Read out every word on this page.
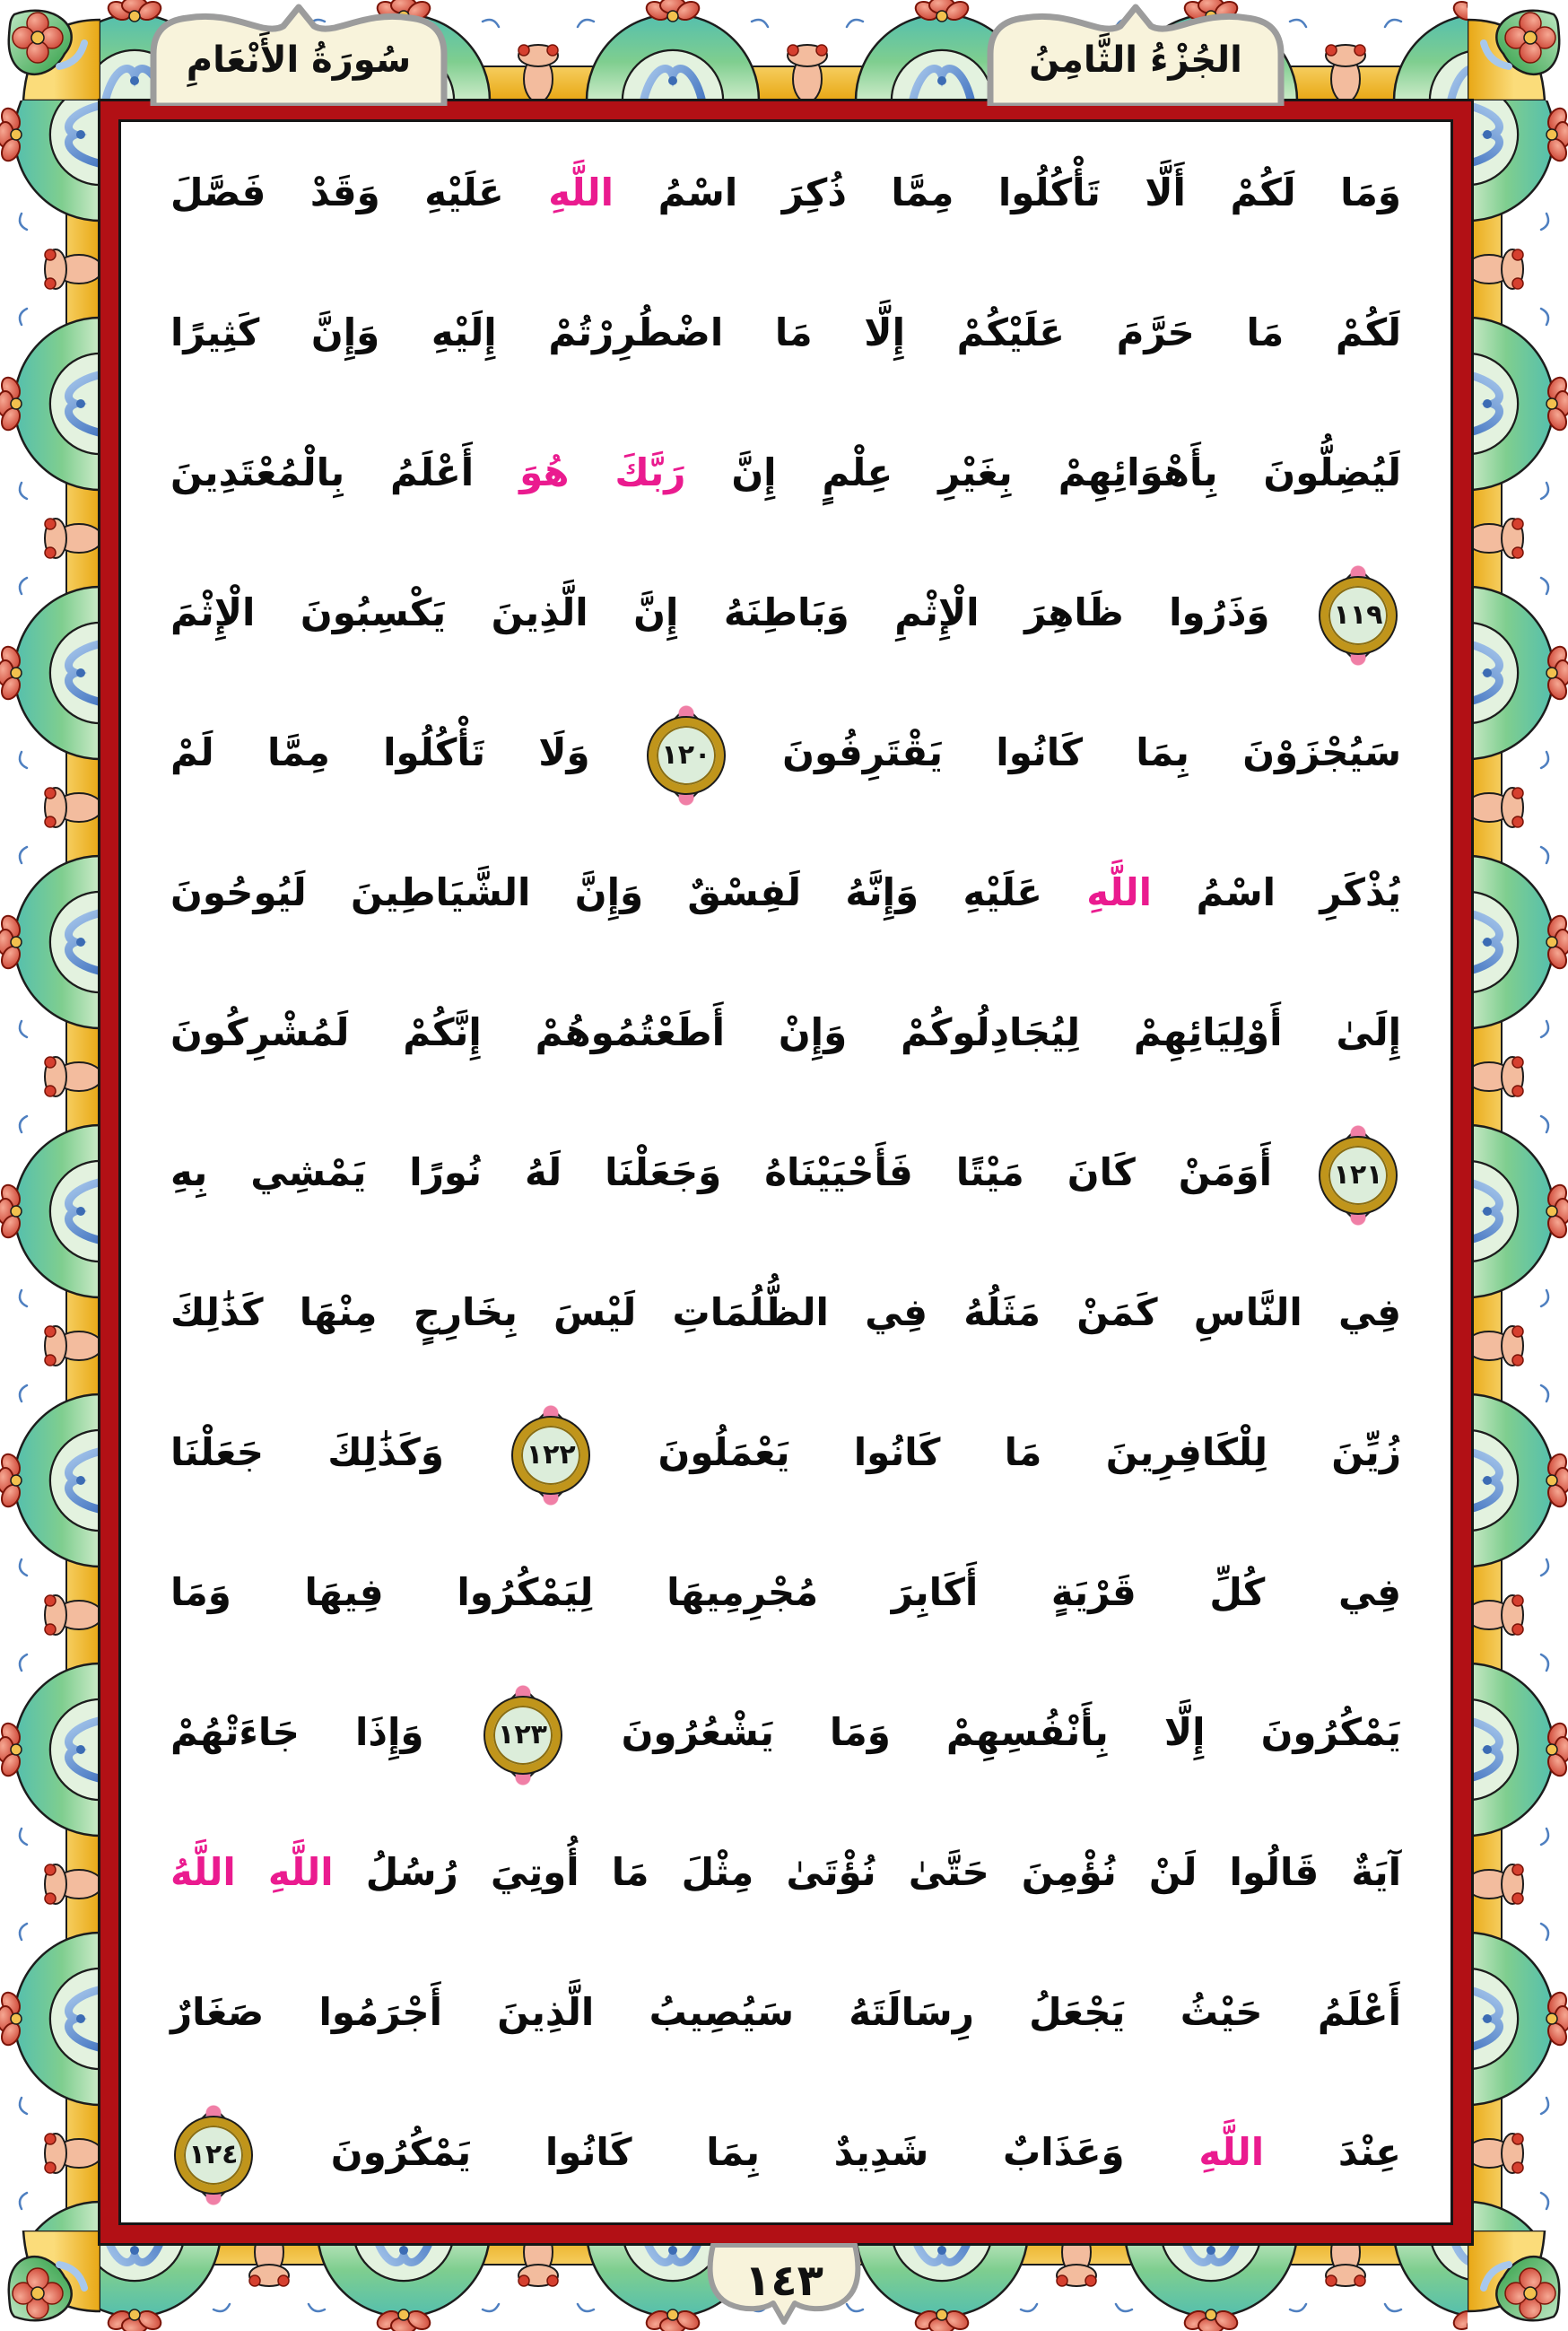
سُورَةُ الأَنْعَامِ	الجُزْءُ الثَّامِنُ
وَمَا لَكُمْ أَلَّا تَأْكُلُوا مِمَّا ذُكِرَ اسْمُ اللَّهِ عَلَيْهِ وَقَدْ فَصَّلَ
لَكُمْ مَا حَرَّمَ عَلَيْكُمْ إِلَّا مَا اضْطُرِرْتُمْ إِلَيْهِ وَإِنَّ كَثِيرًا
لَيُضِلُّونَ بِأَهْوَائِهِمْ بِغَيْرِ عِلْمٍ إِنَّ رَبَّكَ هُوَ أَعْلَمُ بِالْمُعْتَدِينَ
١١٩
وَذَرُوا ظَاهِرَ الْإِثْمِ وَبَاطِنَهُ إِنَّ الَّذِينَ يَكْسِبُونَ الْإِثْمَ
سَيُجْزَوْنَ بِمَا كَانُوا يَقْتَرِفُونَ
١٢٠
وَلَا تَأْكُلُوا مِمَّا لَمْ
يُذْكَرِ اسْمُ اللَّهِ عَلَيْهِ وَإِنَّهُ لَفِسْقٌ وَإِنَّ الشَّيَاطِينَ لَيُوحُونَ
إِلَىٰ أَوْلِيَائِهِمْ لِيُجَادِلُوكُمْ وَإِنْ أَطَعْتُمُوهُمْ إِنَّكُمْ لَمُشْرِكُونَ
١٢١
أَوَمَنْ كَانَ مَيْتًا فَأَحْيَيْنَاهُ وَجَعَلْنَا لَهُ نُورًا يَمْشِي بِهِ
فِي النَّاسِ كَمَنْ مَثَلُهُ فِي الظُّلُمَاتِ لَيْسَ بِخَارِجٍ مِنْهَا كَذَٰلِكَ
زُيِّنَ لِلْكَافِرِينَ مَا كَانُوا يَعْمَلُونَ
١٢٢
وَكَذَٰلِكَ جَعَلْنَا
فِي كُلِّ قَرْيَةٍ أَكَابِرَ مُجْرِمِيهَا لِيَمْكُرُوا فِيهَا وَمَا
يَمْكُرُونَ إِلَّا بِأَنْفُسِهِمْ وَمَا يَشْعُرُونَ
١٢٣
وَإِذَا جَاءَتْهُمْ
آيَةٌ قَالُوا لَنْ نُؤْمِنَ حَتَّىٰ نُؤْتَىٰ مِثْلَ مَا أُوتِيَ رُسُلُ اللَّهِ اللَّهُ
أَعْلَمُ حَيْثُ يَجْعَلُ رِسَالَتَهُ سَيُصِيبُ الَّذِينَ أَجْرَمُوا صَغَارٌ
عِنْدَ اللَّهِ وَعَذَابٌ شَدِيدٌ بِمَا كَانُوا يَمْكُرُونَ
١٢٤
١٤٣
